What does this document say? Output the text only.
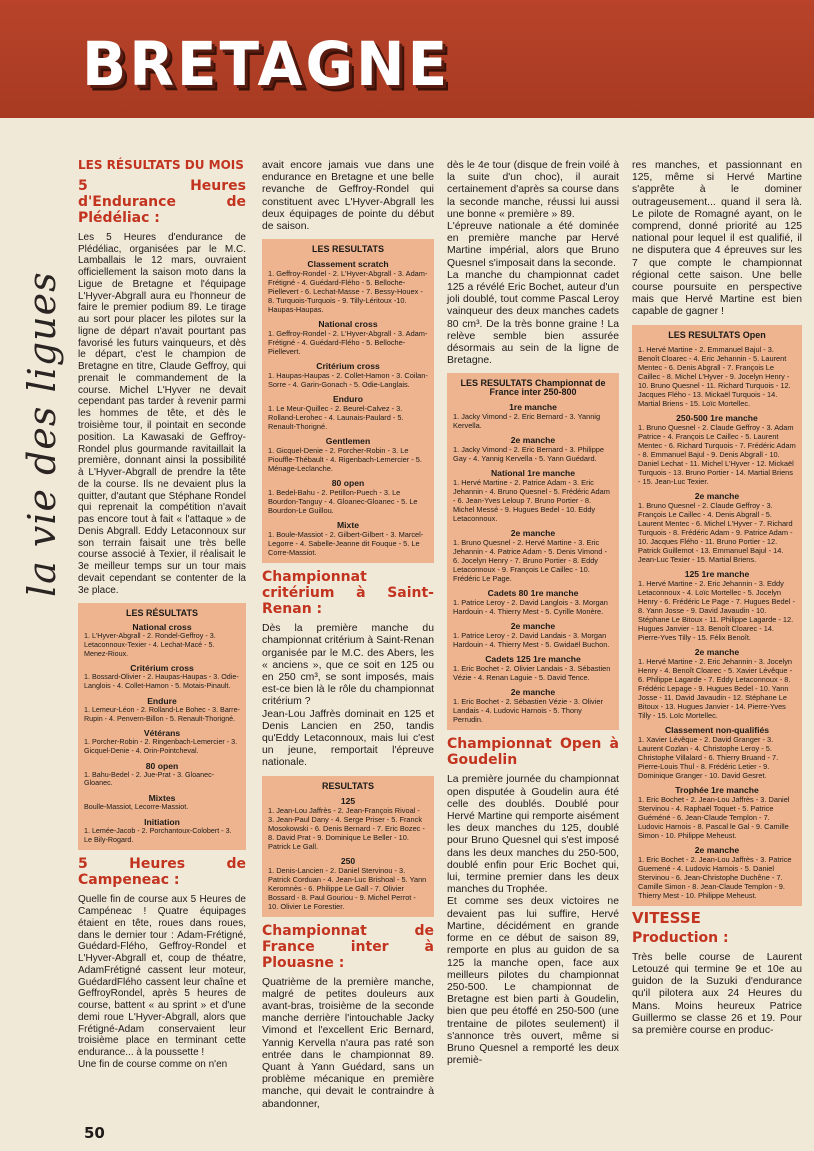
BRETAGNE
la vie des ligues
LES RÉSULTATS DU MOIS
5 Heures d'Endurance de Plédéliac :

Les 5 Heures d'endurance de Plédéliac, organisées par le M.C. Lamballais le 12 mars, ouvraient officiellement la saison moto dans la Ligue de Bretagne et l'équipage L'Hyver-Abgrall aura eu l'honneur de faire le premier podium 89. Le tirage au sort pour placer les pilotes sur la ligne de départ n'avait pourtant pas favorisé les futurs vainqueurs, et dès le départ, c'est le champion de Bretagne en titre, Claude Geffroy, qui prenait le commandement de la course. Michel L'Hyver ne devait cependant pas tarder à revenir parmi les hommes de tête, et dès le troisième tour, il pointait en seconde position. La Kawasaki de Geffroy-Rondel plus gourmande ravitaillait la première, donnant ainsi la possibilité à L'Hyver-Abgrall de prendre la tête de la course. Ils ne devaient plus la quitter, d'autant que Stéphane Rondel qui reprenait la compétition n'avait pas encore tout à fait « l'attaque » de Denis Abgrall. Eddy Letaconnoux sur son terrain faisait une très belle course associé à Texier, il réalisait le 3e meilleur temps sur un tour mais devait cependant se contenter de la 3e place.

LES RÉSULTATS
National cross
1. L'Hyver-Abgrall - 2. Rondel-Geffroy - 3. Letaconnoux-Texier - 4. Lechat-Macé - 5. Menez-Rioux.
Critérium cross
1. Bossard-Olivier - 2. Haupas-Haupas - 3. Odie-Langlois - 4. Collet-Hamon - 5. Motais-Pinault.
Endure
1. Lemeur-Léon - 2. Rolland-Le Bohec - 3. Barre-Rupin - 4. Penvern-Billon - 5. Renault-Thorigné.
Vétérans
1. Porcher-Robin - 2. Ringenbach-Lemercier - 3. Gicquel-Denie - 4. Orin-Pointcheval.
80 open
1. Bahu-Bedel - 2. Jue-Prat - 3. Gloanec-Gloanec.
Mixtes
Boulle-Massiot, Lecorre-Massiot.
Initiation
1. Lemée-Jacob - 2. Porchantoux-Colobert - 3. Le Bily-Rogard.
5 Heures de Campeneac :

Quelle fin de course aux 5 Heures de Campéneac ! Quatre équipages étaient en tête, roues dans roues, dans le dernier tour : Adam-Frétigné, Guédard-Flého, Geffroy-Rondel et L'Hyver-Abgrall et, coup de théatre, AdamFrétigné cassent leur moteur, GuédardFlého cassent leur chaîne et GeffroyRondel, après 5 heures de course, battent « au sprint » et d'une demi roue L'Hyver-Abgrall, alors que Frétigné-Adam conservaient leur troisième place en terminant cette endurance... à la poussette !

Une fin de course comme on n'en

avait encore jamais vue dans une endurance en Bretagne et une belle revanche de Geffroy-Rondel qui constituent avec L'Hyver-Abgrall les deux équipages de pointe du début de saison.

LES RESULTATS
Classement scratch
1. Geffroy-Rondel - 2. L'Hyver-Abgrall - 3. Adam-Frétigné - 4. Guédard-Flého - 5. Belloche-Piellevert - 6. Lechat-Masse - 7. Bessy-Houex - 8. Turquois-Turquois - 9. Tilly-Léritoux -10. Haupas-Haupas.
National cross
1. Geffroy-Rondel - 2. L'Hyver-Abgrall - 3. Adam-Frétigné - 4. Guédard-Flého - 5. Belloche-Piellevert.
Critérium cross
1. Haupas-Haupas - 2. Collet-Hamon - 3. Coilan-Sorre - 4. Garin-Gonach - 5. Odie-Langlais.
Enduro
1. Le Meur-Quillec - 2. Beurel-Calvez - 3. Rolland-Lerohec - 4. Launais-Paulard - 5. Renault-Thorigné.
Gentlemen
1. Gicquel-Denie - 2. Porcher-Robin - 3. Le Piouffle-Thébault - 4. Rigenbach-Lemercier - 5. Ménage-Leclanche.
80 open
1. Bedel-Bahu - 2. Petillon-Puech - 3. Le Bourdon-Tanguy - 4. Gloanec-Gloanec - 5. Le Bourdon-Le Guillou.
Mixte
1. Boule-Massiot - 2. Gilbert-Gilbert - 3. Marcel-Legorre - 4. Sabelle-Jeanne dit Fouque - 5. Le Corre-Massiot.
Championnat critérium à Saint-Renan :

Dès la première manche du championnat critérium à Saint-Renan organisée par le M.C. des Abers, les « anciens », que ce soit en 125 ou en 250 cm³, se sont imposés, mais est-ce bien là le rôle du championnat critérium ?

Jean-Lou Jaffrès dominait en 125 et Denis Lancien en 250, tandis qu'Eddy Letaconnoux, mais lui c'est un jeune, remportait l'épreuve nationale.

RESULTATS
125
1. Jean-Lou Jaffrès - 2. Jean-François Rivoal - 3. Jean-Paul Dany - 4. Serge Priser - 5. Franck Mosokowski - 6. Denis Bernard - 7. Eric Bozec - 8. David Prat - 9. Dominique Le Beller - 10. Patrick Le Gall.
250
1. Denis-Lancien - 2. Daniel Stervinou - 3. Patrick Corduan - 4. Jean-Luc Brishoal - 5. Yann Keromnès - 6. Philippe Le Gall - 7. Olivier Bossard - 8. Paul Gouriou - 9. Michel Perrot - 10. Olivier Le Forestier.
Championnat de France inter à Plouasne :

Quatrième de la première manche, malgré de petites douleurs aux avant-bras, troisième de la seconde manche derrière l'intouchable Jacky Vimond et l'excellent Eric Bernard, Yannig Kervella n'aura pas raté son entrée dans le championnat 89. Quant à Yann Guédard, sans un problème mécanique en première manche, qui devait le contraindre à abandonner,

dès le 4e tour (disque de frein voilé à la suite d'un choc), il aurait certainement d'après sa course dans la seconde manche, réussi lui aussi une bonne « première » 89.

L'épreuve nationale a été dominée en première manche par Hervé Martine impérial, alors que Bruno Quesnel s'imposait dans la seconde.

La manche du championnat cadet 125 a révélé Eric Bochet, auteur d'un joli doublé, tout comme Pascal Leroy vainqueur des deux manches cadets 80 cm³. De la très bonne graine ! La relève semble bien assurée désormais au sein de la ligne de Bretagne.

LES RESULTATS Championnat de France inter 250-800
1re manche
1. Jacky Vimond - 2. Eric Bernard - 3. Yannig Kervella.
2e manche
1. Jacky Vimond - 2. Eric Bernard - 3. Philippe Gay - 4. Yannig Kervella - 5. Yann Guédard.
National 1re manche
1. Hervé Martine - 2. Patrice Adam - 3. Eric Jehannin - 4. Bruno Quesnel - 5. Frédéric Adam - 6. Jean-Yves Leloup 7. Bruno Portier - 8. Michel Messé - 9. Hugues Bedel - 10. Eddy Letaconnoux.
2e manche
1. Bruno Quesnel - 2. Hervé Martine - 3. Eric Jehannin - 4. Patrice Adam - 5. Denis Vimond - 6. Jocelyn Henry - 7. Bruno Portier - 8. Eddy Letaconnoux - 9. François Le Caillec - 10. Frédéric Le Page.
Cadets 80 1re manche
1. Patrice Leroy - 2. David Langlois - 3. Morgan Hardouin - 4. Thierry Mest - 5. Cyrille Monère.
2e manche
1. Patrice Leroy - 2. David Landais - 3. Morgan Hardouin - 4. Thierry Mest - 5. Gwidaël Buchon.
Cadets 125 1re manche
1. Eric Bochet - 2. Olivier Landais - 3. Sébastien Vézie - 4. Renan Laguie - 5. David Tence.
2e manche
1. Eric Bochet - 2. Sébastien Vézie - 3. Olivier Landais - 4. Ludovic Harnois - 5. Thony Perrudin.
Championnat Open à Goudelin

La première journée du championnat open disputée à Goudelin aura été celle des doublés. Doublé pour Hervé Martine qui remporte aisément les deux manches du 125, doublé pour Bruno Quesnel qui s'est imposé dans les deux manches du 250-500, doublé enfin pour Eric Bochet qui, lui, termine premier dans les deux manches du Trophée.

Et comme ses deux victoires ne devaient pas lui suffire, Hervé Martine, décidément en grande forme en ce début de saison 89, remporte en plus au guidon de sa 125 la manche open, face aux meilleurs pilotes du championnat 250-500. Le championnat de Bretagne est bien parti à Goudelin, bien que peu étoffé en 250-500 (une trentaine de pilotes seulement) il s'annonce très ouvert, même si Bruno Quesnel a remporté les deux premiè-

res manches, et passionnant en 125, même si Hervé Martine s'apprête à le dominer outrageusement... quand il sera là. Le pilote de Romagné ayant, on le comprend, donné priorité au 125 national pour lequel il est qualifié, il ne disputera que 4 épreuves sur les 7 que compte le championnat régional cette saison. Une belle course poursuite en perspective mais que Hervé Martine est bien capable de gagner !

LES RESULTATS Open
1. Hervé Martine - 2. Emmanuel Bajul - 3. Benoît Cloarec - 4. Eric Jehannin - 5. Laurent Mentec - 6. Denis Abgrall - 7. François Le Caillec - 8. Michel L'Hyver - 9. Jocelyn Henry - 10. Bruno Quesnel - 11. Richard Turquois - 12. Jacques Flého - 13. Mickaël Turquois - 14. Martial Briens - 15. Loïc Mortellec.
250-500 1re manche
1. Bruno Quesnel - 2. Claude Geffroy - 3. Adam Patrice - 4. François Le Caillec - 5. Laurent Mentec - 6. Richard Turquois - 7. Frédéric Adam - 8. Emmanuel Bajul - 9. Denis Abgrall - 10. Daniel Lechat - 11. Michel L'Hyver - 12. Mickaël Turquois - 13. Bruno Portier - 14. Martial Briens - 15. Jean-Luc Texier.
2e manche
1. Bruno Quesnel - 2. Claude Geffroy - 3. François Le Caillec - 4. Denis Abgrall - 5. Laurent Mentec - 6. Michel L'Hyver - 7. Richard Turquois - 8. Frédéric Adam - 9. Patrice Adam - 10. Jacques Flého - 11. Bruno Portier - 12. Patrick Guillemot - 13. Emmanuel Bajul - 14. Jean-Luc Texier - 15. Martial Briens.
125 1re manche
1. Hervé Martine - 2. Eric Jehannin - 3. Eddy Letaconnoux - 4. Loïc Mortellec - 5. Jocelyn Henry - 6. Frédéric Le Page - 7. Hugues Bedel - 8. Yann Josse - 9. David Javaudin - 10. Stéphane Le Bitoux - 11. Philippe Lagarde - 12. Hugues Janvier - 13. Benoît Cloarec - 14. Pierre-Yves Tilly - 15. Félix Benoît.
2e manche
1. Hervé Martine - 2. Eric Jehannin - 3. Jocelyn Henry - 4. Benoît Cloarec - 5. Xavier Lévêque - 6. Philippe Lagarde - 7. Eddy Letaconnoux - 8. Frédéric Lepage - 9. Hugues Bedel - 10. Yann Josse - 11. David Javaudin - 12. Stéphane Le Bitoux - 13. Hugues Janvier - 14. Pierre-Yves Tilly - 15. Loïc Mortellec.
Classement non-qualifiés
1. Xavier Lévêque - 2. David Granger - 3. Laurent Cozlan - 4. Christophe Leroy - 5. Christophe Villalard - 6. Thierry Bruand - 7. Pierre-Louis Thul - 8. Frédéric Letier - 9. Dominique Granger - 10. David Gesret.
Trophée 1re manche
1. Eric Bochet - 2. Jean-Lou Jaffrès - 3. Daniel Stervinou - 4. Raphaël Toquet - 5. Patrice Guéméné - 6. Jean-Claude Templon - 7. Ludovic Harnois - 8. Pascal le Gal - 9. Camille Simon - 10. Philippe Meheust.
2e manche
1. Eric Bochet - 2. Jean-Lou Jaffrès - 3. Patrice Guemené - 4. Ludovic Harnois - 5. Daniel Stervinou - 6. Jean-Christophe Duchêne - 7. Camille Simon - 8. Jean-Claude Templon - 9. Thierry Mest - 10. Philippe Meheust.
VITESSE
Production :

Très belle course de Laurent Letouzé qui termine 9e et 10e au guidon de la Suzuki d'endurance qu'il pilotera aux 24 Heures du Mans. Moins heureux Patrice Guillermo se classe 26 et 19. Pour sa première course en produc-

50
